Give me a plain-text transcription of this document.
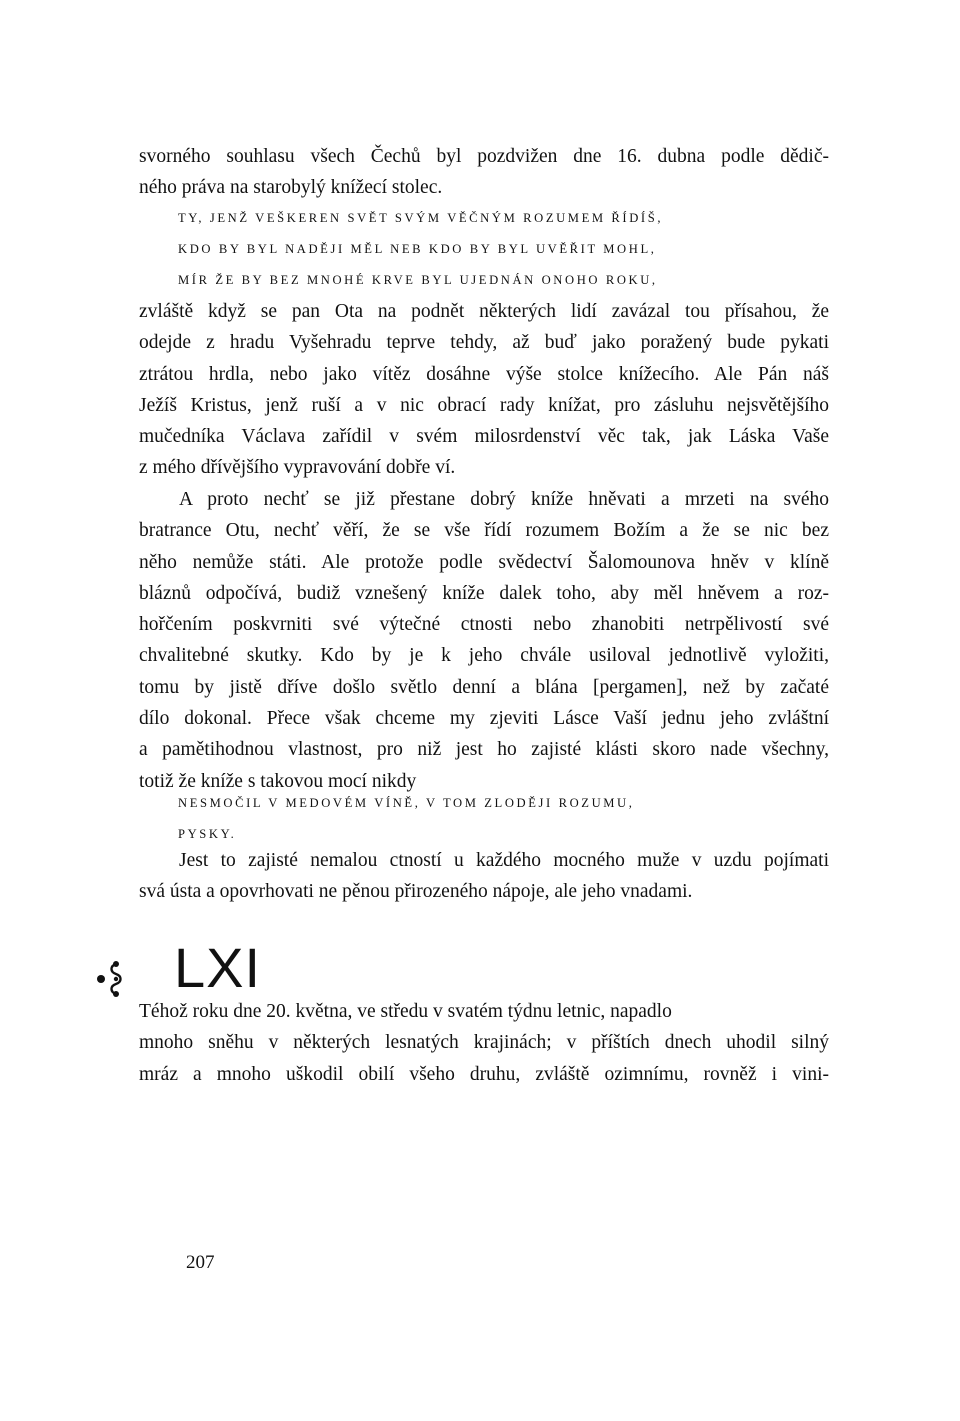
svorného souhlasu všech Čechů byl pozdvižen dne 16. dubna podle dědič-
ného práva na starobylý knížecí stolec.
TY, JENŽ VEŠKEREN SVĚT SVÝM VĚČNÝM ROZUMEM ŘÍDÍŠ,
KDO BY BYL NADĚJI MĚL NEB KDO BY BYL UVĚŘIT MOHL,
MÍR ŽE BY BEZ MNOHÉ KRVE BYL UJEDNÁN ONOHO ROKU,
zvláště když se pan Ota na podnět některých lidí zavázal tou přísahou, že
odejde z hradu Vyšehradu teprve tehdy, až buď jako poražený bude pykati
ztrátou hrdla, nebo jako vítěz dosáhne výše stolce knížecího. Ale Pán náš
Ježíš Kristus, jenž ruší a v nic obrací rady knížat, pro zásluhu nejsvětějšího
mučedníka Václava zařídil v svém milosrdenství věc tak, jak Láska Vaše
z mého dřívějšího vypravování dobře ví.
A proto nechť se již přestane dobrý kníže hněvati a mrzeti na svého
bratrance Otu, nechť věří, že se vše řídí rozumem Božím a že se nic bez
něho nemůže státi. Ale protože podle svědectví Šalomounova hněv v klíně
bláznů odpočívá, budiž vznešený kníže dalek toho, aby měl hněvem a roz-
hořčením poskvrniti své výtečné ctnosti nebo zhanobiti netrpělivostí své
chvalitebné skutky. Kdo by je k jeho chvále usiloval jednotlivě vyložiti,
tomu by jistě dříve došlo světlo denní a blána [pergamen], než by začaté
dílo dokonal. Přece však chceme my zjeviti Lásce Vaší jednu jeho zvláštní
a pamětihodnou vlastnost, pro niž jest ho zajisté klásti skoro nade všechny,
totiž že kníže s takovou mocí nikdy
NESMOČIL V MEDOVÉM VÍNĚ, V TOM ZLODĚJI ROZUMU,
PYSKY.
Jest to zajisté nemalou ctností u každého mocného muže v uzdu pojímati
svá ústa a opovrhovati ne pěnou přirozeného nápoje, ale jeho vnadami.
LXI
Téhož roku dne 20. května, ve středu v svatém týdnu letnic, napadlo
mnoho sněhu v některých lesnatých krajinách; v příštích dnech uhodil silný
mráz a mnoho uškodil obilí všeho druhu, zvláště ozimnímu, rovněž i vini-
207
